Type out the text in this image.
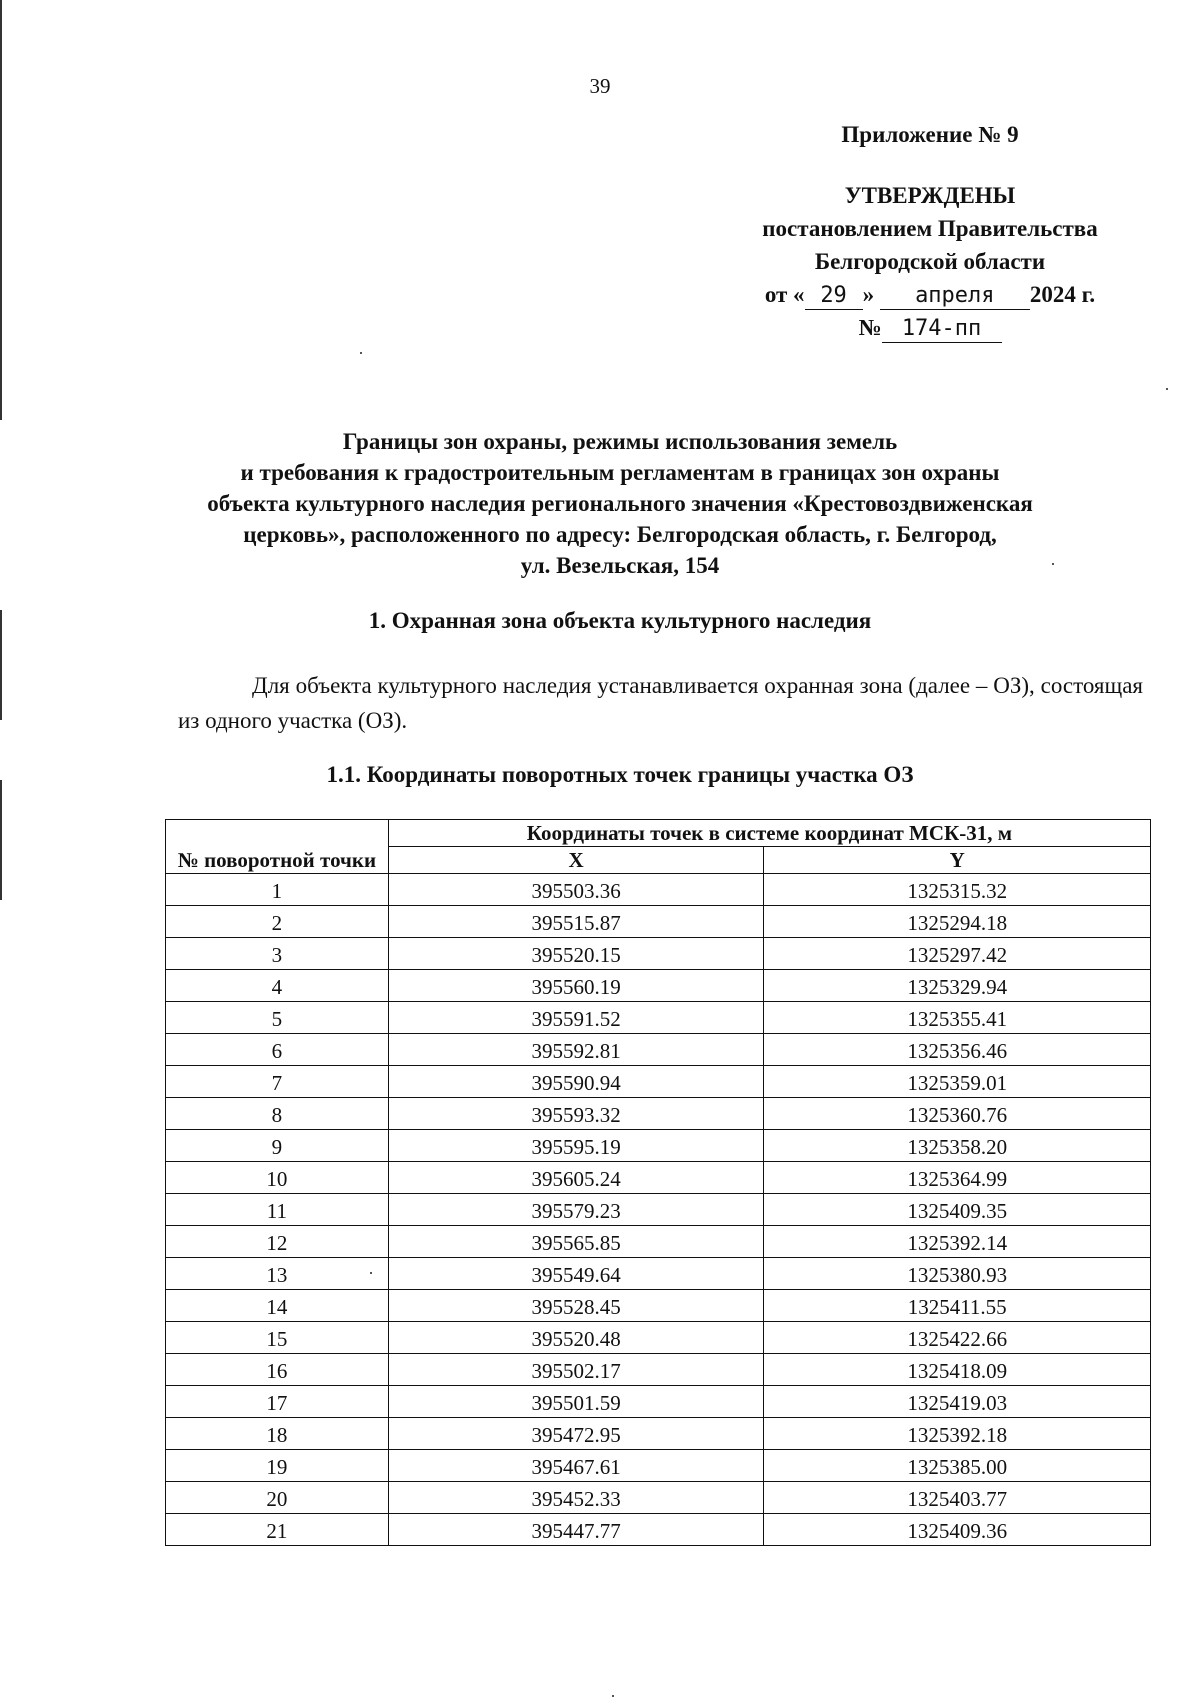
39
Приложение № 9
УТВЕРЖДЕНЫ
постановлением Правительства
Белгородской области
от « 29 » апреля 2024 г.
№ 174-пп
Границы зон охраны, режимы использования земель
и требования к градостроительным регламентам в границах зон охраны
объекта культурного наследия регионального значения «Крестовоздвиженская
церковь», расположенного по адресу: Белгородская область, г. Белгород,
ул. Везельская, 154
1. Охранная зона объекта культурного наследия
Для объекта культурного наследия устанавливается охранная зона (далее – ОЗ), состоящая из одного участка (ОЗ).
1.1. Координаты поворотных точек границы участка ОЗ
№ поворотной точки	Координаты точек в системе координат МСК-31, м	
	X	Y
1	395503.36	1325315.32
2	395515.87	1325294.18
3	395520.15	1325297.42
4	395560.19	1325329.94
5	395591.52	1325355.41
6	395592.81	1325356.46
7	395590.94	1325359.01
8	395593.32	1325360.76
9	395595.19	1325358.20
10	395605.24	1325364.99
11	395579.23	1325409.35
12	395565.85	1325392.14
13	395549.64	1325380.93
14	395528.45	1325411.55
15	395520.48	1325422.66
16	395502.17	1325418.09
17	395501.59	1325419.03
18	395472.95	1325392.18
19	395467.61	1325385.00
20	395452.33	1325403.77
21	395447.77	1325409.36
